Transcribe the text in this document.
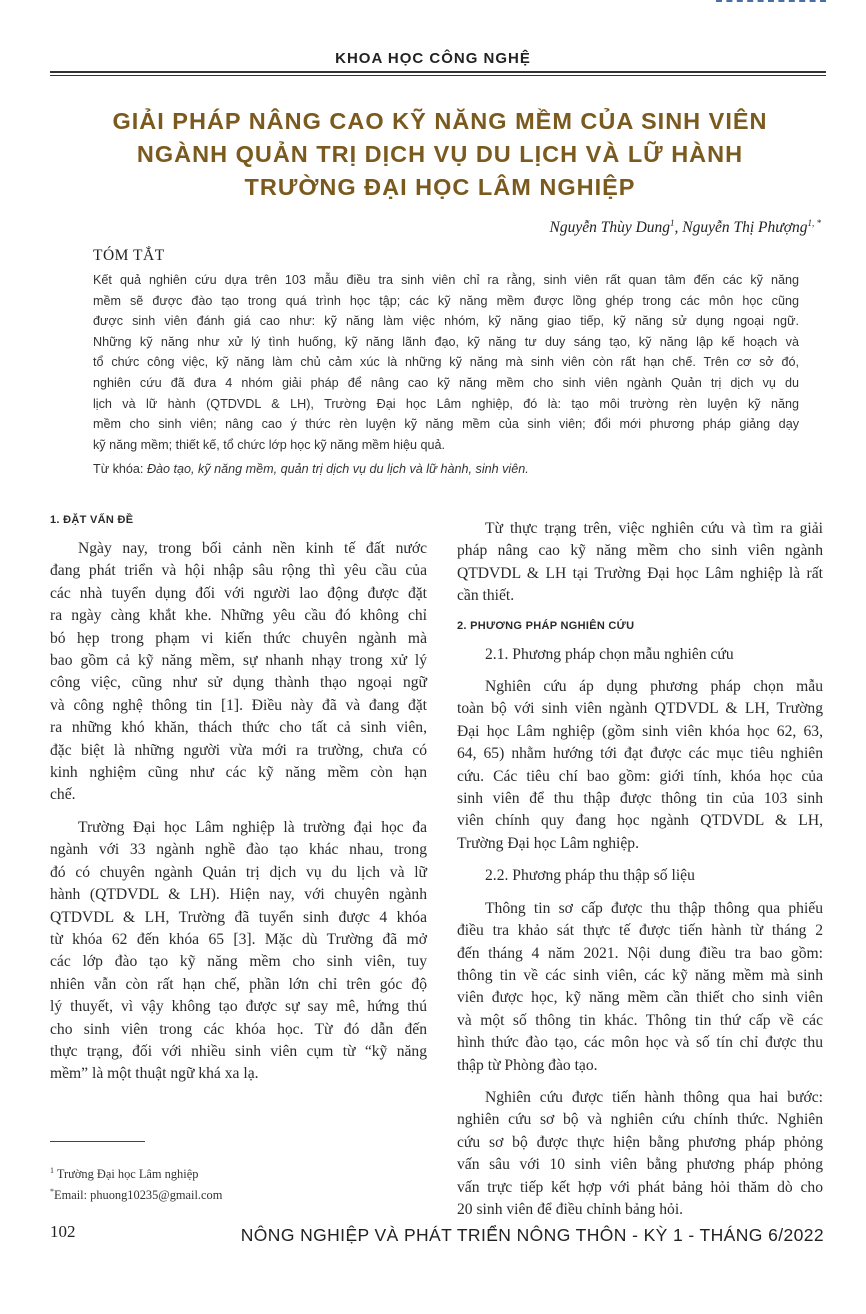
KHOA HỌC CÔNG NGHỆ
GIẢI PHÁP NÂNG CAO KỸ NĂNG MỀM CỦA SINH VIÊN
NGÀNH QUẢN TRỊ DỊCH VỤ DU LỊCH VÀ LỮ HÀNH
TRƯỜNG ĐẠI HỌC LÂM NGHIỆP
Nguyễn Thùy Dung$^1$, Nguyễn Thị Phượng$^{1, *}$
TÓM TẮT
Kết quả nghiên cứu dựa trên 103 mẫu điều tra sinh viên chỉ ra rằng, sinh viên rất quan tâm đến các kỹ năng
mềm sẽ được đào tạo trong quá trình học tập; các kỹ năng mềm được lồng ghép trong các môn học cũng
được sinh viên đánh giá cao như: kỹ năng làm việc nhóm, kỹ năng giao tiếp, kỹ năng sử dụng ngoại ngữ.
Những kỹ năng như xử lý tình huống, kỹ năng lãnh đạo, kỹ năng tư duy sáng tạo, kỹ năng lập kế hoạch và
tổ chức công việc, kỹ năng làm chủ cảm xúc là những kỹ năng mà sinh viên còn rất hạn chế. Trên cơ sở đó,
nghiên cứu đã đưa 4 nhóm giải pháp để nâng cao kỹ năng mềm cho sinh viên ngành Quản trị dịch vụ du
lịch và lữ hành (QTDVDL & LH), Trường Đại học Lâm nghiệp, đó là: tạo môi trường rèn luyện kỹ năng
mềm cho sinh viên; nâng cao ý thức rèn luyện kỹ năng mềm của sinh viên; đổi mới phương pháp giảng dạy
kỹ năng mềm; thiết kế, tổ chức lớp học kỹ năng mềm hiệu quả.
Từ khóa: Đào tạo, kỹ năng mềm, quản trị dịch vụ du lịch và lữ hành, sinh viên.
1. ĐẶT VẤN ĐỀ
Ngày nay, trong bối cảnh nền kinh tế đất nước
đang phát triển và hội nhập sâu rộng thì yêu cầu của
các nhà tuyển dụng đối với người lao động được đặt
ra ngày càng khắt khe. Những yêu cầu đó không chỉ
bó hẹp trong phạm vi kiến thức chuyên ngành mà
bao gồm cả kỹ năng mềm, sự nhanh nhạy trong xử lý
công việc, cũng như sử dụng thành thạo ngoại ngữ
và công nghệ thông tin [1]. Điều này đã và đang đặt
ra những khó khăn, thách thức cho tất cả sinh viên,
đặc biệt là những người vừa mới ra trường, chưa có
kinh nghiệm cũng như các kỹ năng mềm còn hạn
chế.
Trường Đại học Lâm nghiệp là trường đại học đa
ngành với 33 ngành nghề đào tạo khác nhau, trong
đó có chuyên ngành Quản trị dịch vụ du lịch và lữ
hành (QTDVDL & LH). Hiện nay, với chuyên ngành
QTDVDL & LH, Trường đã tuyển sinh được 4 khóa
từ khóa 62 đến khóa 65 [3]. Mặc dù Trường đã mở
các lớp đào tạo kỹ năng mềm cho sinh viên, tuy
nhiên vẫn còn rất hạn chế, phần lớn chỉ trên góc độ
lý thuyết, vì vậy không tạo được sự say mê, hứng thú
cho sinh viên trong các khóa học. Từ đó dẫn đến
thực trạng, đối với nhiều sinh viên cụm từ “kỹ năng
mềm” là một thuật ngữ khá xa lạ.
Từ thực trạng trên, việc nghiên cứu và tìm ra giải
pháp nâng cao kỹ năng mềm cho sinh viên ngành
QTDVDL & LH tại Trường Đại học Lâm nghiệp là rất
cần thiết.
2. PHƯƠNG PHÁP NGHIÊN CỨU

2.1. Phương pháp chọn mẫu nghiên cứu

Nghiên cứu áp dụng phương pháp chọn mẫu
toàn bộ với sinh viên ngành QTDVDL & LH, Trường
Đại học Lâm nghiệp (gồm sinh viên khóa học 62, 63,
64, 65) nhằm hướng tới đạt được các mục tiêu nghiên
cứu. Các tiêu chí bao gồm: giới tính, khóa học của
sinh viên để thu thập được thông tin của 103 sinh
viên chính quy đang học ngành QTDVDL & LH,
Trường Đại học Lâm nghiệp.

2.2. Phương pháp thu thập số liệu

Thông tin sơ cấp được thu thập thông qua phiếu
điều tra khảo sát thực tế được tiến hành từ tháng 2
đến tháng 4 năm 2021. Nội dung điều tra bao gồm:
thông tin về các sinh viên, các kỹ năng mềm mà sinh
viên được học, kỹ năng mềm cần thiết cho sinh viên
và một số thông tin khác. Thông tin thứ cấp về các
hình thức đào tạo, các môn học và số tín chỉ được thu
thập từ Phòng đào tạo.
Nghiên cứu được tiến hành thông qua hai bước:
nghiên cứu sơ bộ và nghiên cứu chính thức. Nghiên
cứu sơ bộ được thực hiện bằng phương pháp phỏng
vấn sâu với 10 sinh viên bằng phương pháp phỏng
vấn trực tiếp kết hợp với phát bảng hỏi thăm dò cho
20 sinh viên để điều chỉnh bảng hỏi.
$^1$ Trường Đại học Lâm nghiệp
*Email: phuong10235@gmail.com
102	NÔNG NGHIỆP VÀ PHÁT TRIỂN NÔNG THÔN - KỲ 1 - THÁNG 6/2022
